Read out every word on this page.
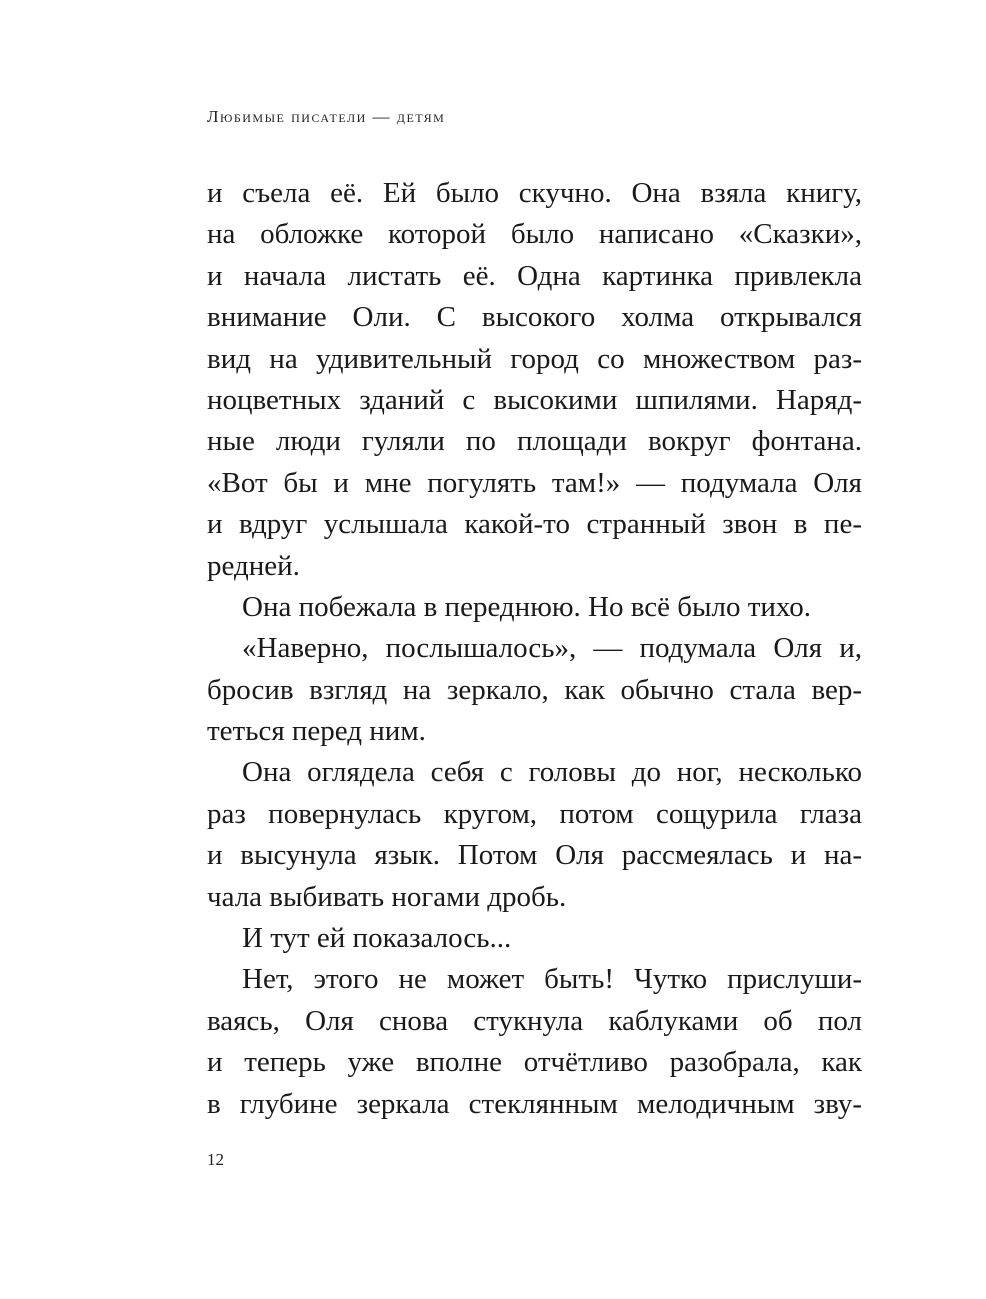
Любимые писатели — детям
и съела её. Ей было скучно. Она взяла книгу,
на обложке которой было написано «Сказки»,
и начала листать её. Одна картинка привлекла
внимание Оли. С высокого холма открывался
вид на удивительный город со множеством раз-
ноцветных зданий с высокими шпилями. Наряд-
ные люди гуляли по площади вокруг фонтана.
«Вот бы и мне погулять там!» — подумала Оля
и вдруг услышала какой-то странный звон в пе-
редней.
Она побежала в переднюю. Но всё было тихо.
«Наверно, послышалось», — подумала Оля и,
бросив взгляд на зеркало, как обычно стала вер-
теться перед ним.
Она оглядела себя с головы до ног, несколько
раз повернулась кругом, потом сощурила глаза
и высунула язык. Потом Оля рассмеялась и на-
чала выбивать ногами дробь.
И тут ей показалось...
Нет, этого не может быть! Чутко прислуши-
ваясь, Оля снова стукнула каблуками об пол
и теперь уже вполне отчётливо разобрала, как
в глубине зеркала стеклянным мелодичным зву-
12
